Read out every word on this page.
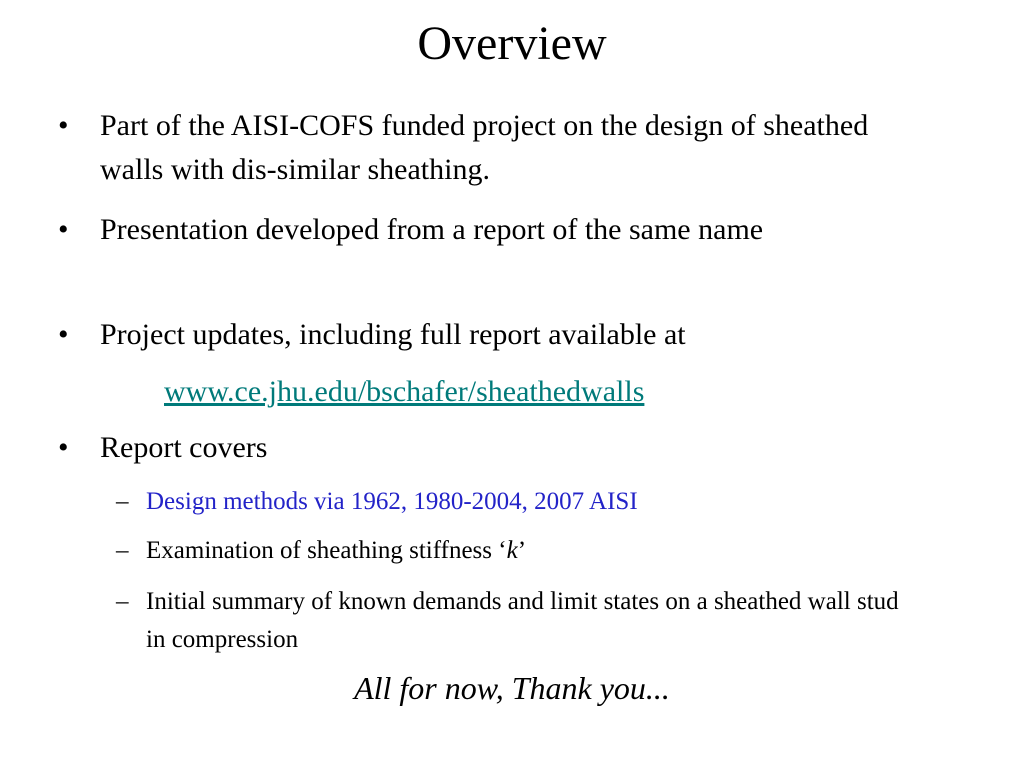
Overview
• Part of the AISI-COFS funded project on the design of sheathed walls with dis-similar sheathing.
• Presentation developed from a report of the same name
• Project updates, including full report available at
www.ce.jhu.edu/bschafer/sheathedwalls
• Report covers
– Design methods via 1962, 1980-2004, 2007 AISI
– Examination of sheathing stiffness ‘k’
– Initial summary of known demands and limit states on a sheathed wall stud in compression
All for now, Thank you...
